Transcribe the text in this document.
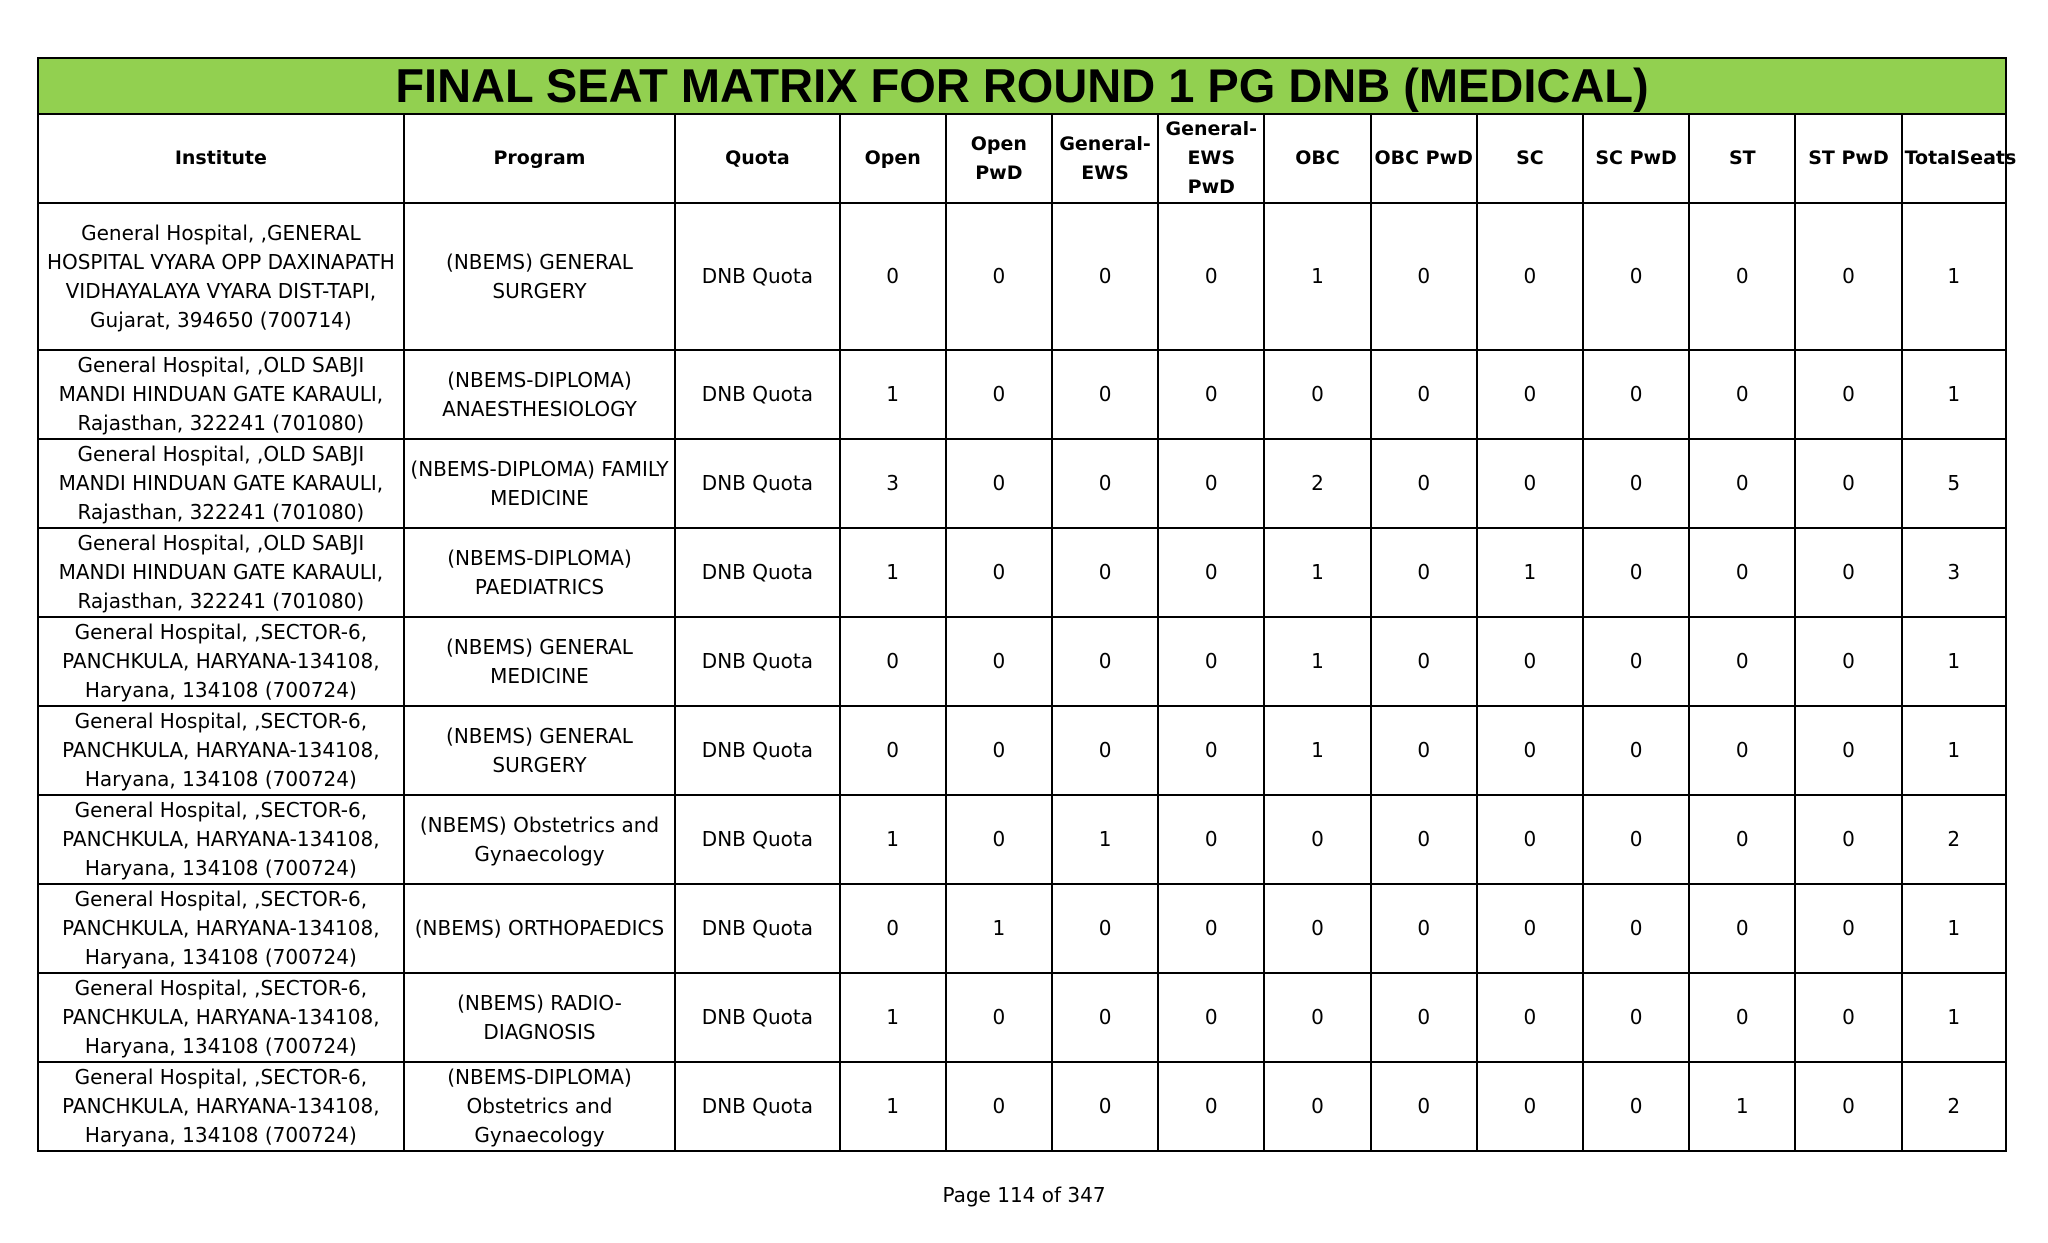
FINAL SEAT MATRIX FOR ROUND 1 PG DNB (MEDICAL)													
Institute	Program	Quota	Open	Open PwD	General-EWS	General-EWS PwD	OBC	OBC PwD	SC	SC PwD	ST	ST PwD	TotalSeats
General Hospital, ,GENERAL HOSPITAL VYARA OPP DAXINAPATH VIDHAYALAYA VYARA DIST-TAPI, Gujarat, 394650 (700714)	(NBEMS) GENERAL SURGERY	DNB Quota	0	0	0	0	1	0	0	0	0	0	1
General Hospital, ,OLD SABJI MANDI HINDUAN GATE KARAULI, Rajasthan, 322241 (701080)	(NBEMS-DIPLOMA) ANAESTHESIOLOGY	DNB Quota	1	0	0	0	0	0	0	0	0	0	1
General Hospital, ,OLD SABJI MANDI HINDUAN GATE KARAULI, Rajasthan, 322241 (701080)	(NBEMS-DIPLOMA) FAMILY MEDICINE	DNB Quota	3	0	0	0	2	0	0	0	0	0	5
General Hospital, ,OLD SABJI MANDI HINDUAN GATE KARAULI, Rajasthan, 322241 (701080)	(NBEMS-DIPLOMA) PAEDIATRICS	DNB Quota	1	0	0	0	1	0	1	0	0	0	3
General Hospital, ,SECTOR-6, PANCHKULA, HARYANA-134108, Haryana, 134108 (700724)	(NBEMS) GENERAL MEDICINE	DNB Quota	0	0	0	0	1	0	0	0	0	0	1
General Hospital, ,SECTOR-6, PANCHKULA, HARYANA-134108, Haryana, 134108 (700724)	(NBEMS) GENERAL SURGERY	DNB Quota	0	0	0	0	1	0	0	0	0	0	1
General Hospital, ,SECTOR-6, PANCHKULA, HARYANA-134108, Haryana, 134108 (700724)	(NBEMS) Obstetrics and Gynaecology	DNB Quota	1	0	1	0	0	0	0	0	0	0	2
General Hospital, ,SECTOR-6, PANCHKULA, HARYANA-134108, Haryana, 134108 (700724)	(NBEMS) ORTHOPAEDICS	DNB Quota	0	1	0	0	0	0	0	0	0	0	1
General Hospital, ,SECTOR-6, PANCHKULA, HARYANA-134108, Haryana, 134108 (700724)	(NBEMS) RADIO-DIAGNOSIS	DNB Quota	1	0	0	0	0	0	0	0	0	0	1
General Hospital, ,SECTOR-6, PANCHKULA, HARYANA-134108, Haryana, 134108 (700724)	(NBEMS-DIPLOMA) Obstetrics and Gynaecology	DNB Quota	1	0	0	0	0	0	0	0	1	0	2
Page 114 of 347
